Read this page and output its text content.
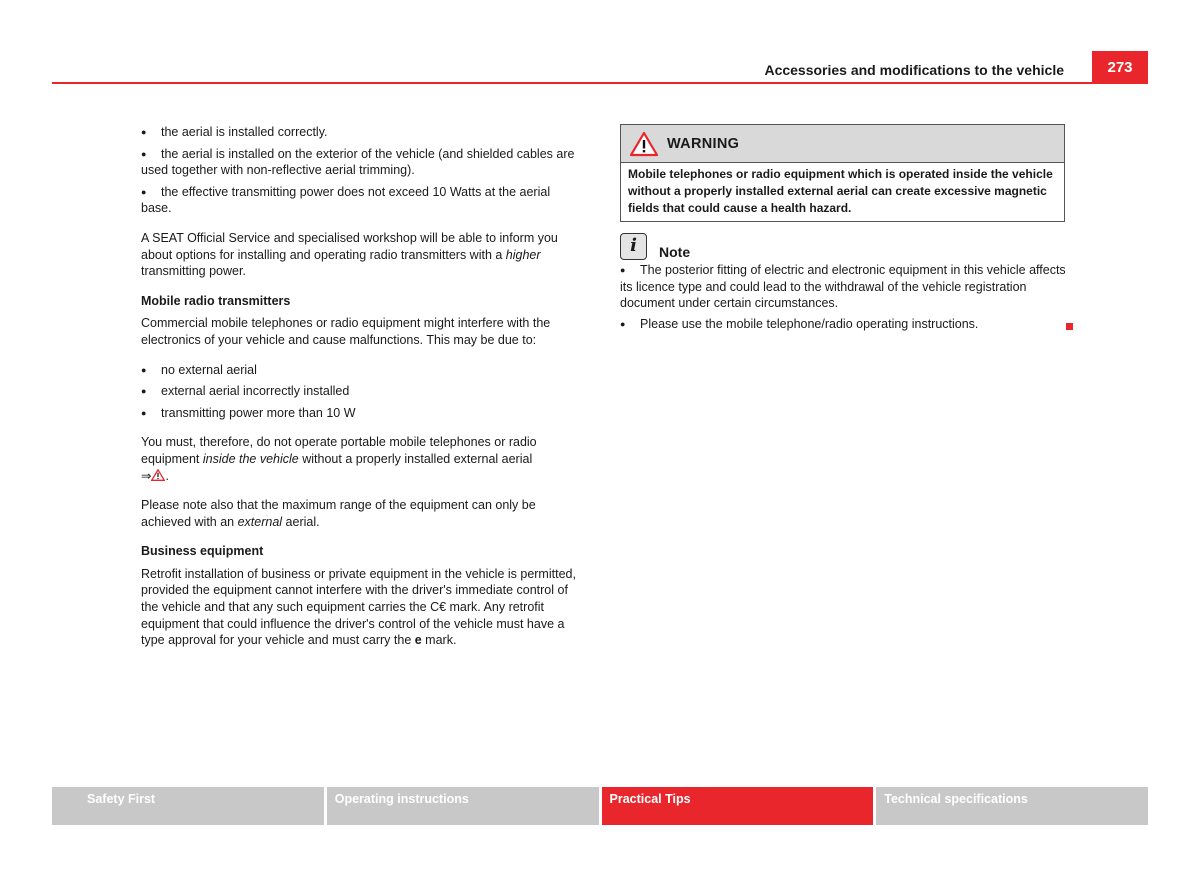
Accessories and modifications to the vehicle	273
● the aerial is installed correctly.
● the aerial is installed on the exterior of the vehicle (and shielded cables are used together with non-reflective aerial trimming).
● the effective transmitting power does not exceed 10 Watts at the aerial base.

A SEAT Official Service and specialised workshop will be able to inform you about options for installing and operating radio transmitters with a higher transmitting power.

Mobile radio transmitters

Commercial mobile telephones or radio equipment might interfere with the electronics of your vehicle and cause malfunctions. This may be due to:

● no external aerial
● external aerial incorrectly installed
● transmitting power more than 10 W

You must, therefore, do not operate portable mobile telephones or radio equipment inside the vehicle without a properly installed external aerial
⇒ .

Please note also that the maximum range of the equipment can only be achieved with an external aerial.

Business equipment

Retrofit installation of business or private equipment in the vehicle is permitted, provided the equipment cannot interfere with the driver's immediate control of the vehicle and that any such equipment carries the C€ mark. Any retrofit equipment that could influence the driver's control of the vehicle must have a type approval for your vehicle and must carry the e mark.

WARNING
Mobile telephones or radio equipment which is operated inside the vehicle without a properly installed external aerial can create excessive magnetic fields that could cause a health hazard.
i	Note
● The posterior fitting of electric and electronic equipment in this vehicle affects its licence type and could lead to the withdrawal of the vehicle registration document under certain circumstances.
● Please use the mobile telephone/radio operating instructions.
Safety First	Operating instructions	Practical Tips	Technical specifications
